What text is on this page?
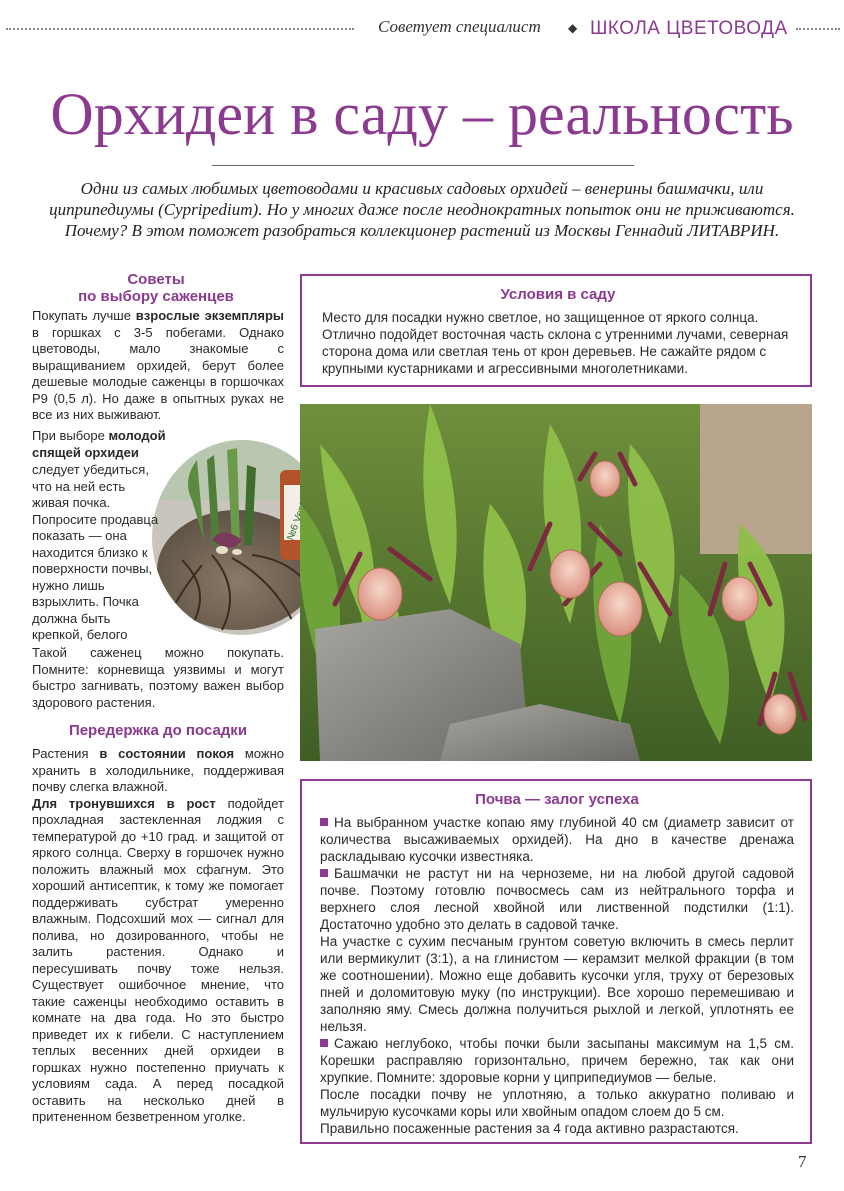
Советует специалист ◆ ШКОЛА ЦВЕТОВОДА
Орхидеи в саду – реальность
Одни из самых любимых цветоводами и красивых садовых орхидей – венерины башмачки, или циприпедиумы (Cypripedium). Но у многих даже после неоднократных попыток они не приживаются. Почему? В этом поможет разобраться коллекционер растений из Москвы Геннадий ЛИТАВРИН.
Советы
по выбору саженцев

Покупать лучше взрослые экземпляры в горшках с 3-5 побегами. Однако цветоводы, мало знакомые с выращиванием орхидей, берут более дешевые молодые саженцы в горшочках P9 (0,5 л). Но даже в опытных руках не все из них выживают.

№6

При выборе молодой спящей орхидеи

следует убедиться, что на ней есть живая почка. Попросите продавца показать — она находится близко к поверхности почвы, нужно лишь взрыхлить. Почка должна быть крепкой, белого

Такой саженец можно покупать. Помните: корневища уязвимы и могут быстро загнивать, поэтому важен выбор здорового растения.

Передержка до посадки

Растения в состоянии покоя можно хранить в холодильнике, поддерживая почву слегка влажной.

Для тронувшихся в рост подойдет прохладная застекленная лоджия с температурой до +10 град. и защитой от яркого солнца. Сверху в горшочек нужно положить влажный мох сфагнум. Это хороший антисептик, к тому же помогает поддерживать субстрат умеренно влажным. Подсохший мох — сигнал для полива, но дозированного, чтобы не залить растения. Однако и пересушивать почву тоже нельзя. Существует ошибочное мнение, что такие саженцы необходимо оставить в комнате на два года. Но это быстро приведет их к гибели. С наступлением теплых весенних дней орхидеи в горшках нужно постепенно приучать к условиям сада. А перед посадкой оставить на несколько дней в притененном безветренном уголке.

Условия в саду
Место для посадки нужно светлое, но защищенное от яркого солнца. Отлично подойдет восточная часть склона с утренними лучами, северная сторона дома или светлая тень от крон деревьев. Не сажайте рядом с крупными кустарниками и агрессивными многолетниками.
Почва — залог успеха

На выбранном участке копаю яму глубиной 40 см (диаметр зависит от количества высаживаемых орхидей). На дно в качестве дренажа раскладываю кусочки известняка.

Башмачки не растут ни на черноземе, ни на любой другой садовой почве. Поэтому готовлю почвосмесь сам из нейтрального торфа и верхнего слоя лесной хвойной или лиственной подстилки (1:1). Достаточно удобно это делать в садовой тачке.

На участке с сухим песчаным грунтом советую включить в смесь перлит или вермикулит (3:1), а на глинистом — керамзит мелкой фракции (в том же соотношении). Можно еще добавить кусочки угля, труху от березовых пней и доломитовую муку (по инструкции). Все хорошо перемешиваю и заполняю яму. Смесь должна получиться рыхлой и легкой, уплотнять ее нельзя.

Сажаю неглубоко, чтобы почки были засыпаны максимум на 1,5 см. Корешки расправляю горизонтально, причем бережно, так как они хрупкие. Помните: здоровые корни у циприпедиумов — белые.

После посадки почву не уплотняю, а только аккуратно поливаю и мульчирую кусочками коры или хвойным опадом слоем до 5 см.

Правильно посаженные растения за 4 года активно разрастаются.

7
